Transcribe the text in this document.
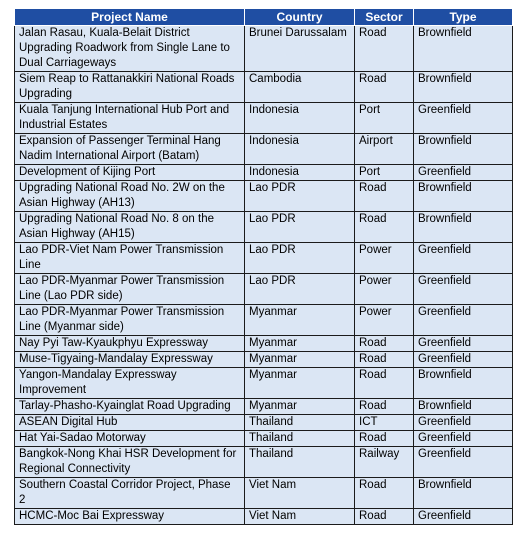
Project Name	Country	Sector	Type
Jalan Rasau, Kuala-Belait District Upgrading Roadwork from Single Lane to Dual Carriageways	Brunei Darussalam	Road	Brownfield
Siem Reap to Rattanakkiri National Roads Upgrading	Cambodia	Road	Brownfield
Kuala Tanjung International Hub Port and Industrial Estates	Indonesia	Port	Greenfield
Expansion of Passenger Terminal Hang Nadim International Airport (Batam)	Indonesia	Airport	Brownfield
Development of Kijing Port	Indonesia	Port	Greenfield
Upgrading National Road No. 2W on the Asian Highway (AH13)	Lao PDR	Road	Brownfield
Upgrading National Road No. 8 on the Asian Highway (AH15)	Lao PDR	Road	Brownfield
Lao PDR-Viet Nam Power Transmission Line	Lao PDR	Power	Greenfield
Lao PDR-Myanmar Power Transmission Line (Lao PDR side)	Lao PDR	Power	Greenfield
Lao PDR-Myanmar Power Transmission Line (Myanmar side)	Myanmar	Power	Greenfield
Nay Pyi Taw-Kyaukphyu Expressway	Myanmar	Road	Greenfield
Muse-Tigyaing-Mandalay Expressway	Myanmar	Road	Greenfield
Yangon-Mandalay Expressway Improvement	Myanmar	Road	Brownfield
Tarlay-Phasho-Kyainglat Road Upgrading	Myanmar	Road	Brownfield
ASEAN Digital Hub	Thailand	ICT	Greenfield
Hat Yai-Sadao Motorway	Thailand	Road	Greenfield
Bangkok-Nong Khai HSR Development for Regional Connectivity	Thailand	Railway	Greenfield
Southern Coastal Corridor Project, Phase 2	Viet Nam	Road	Brownfield
HCMC-Moc Bai Expressway	Viet Nam	Road	Greenfield
